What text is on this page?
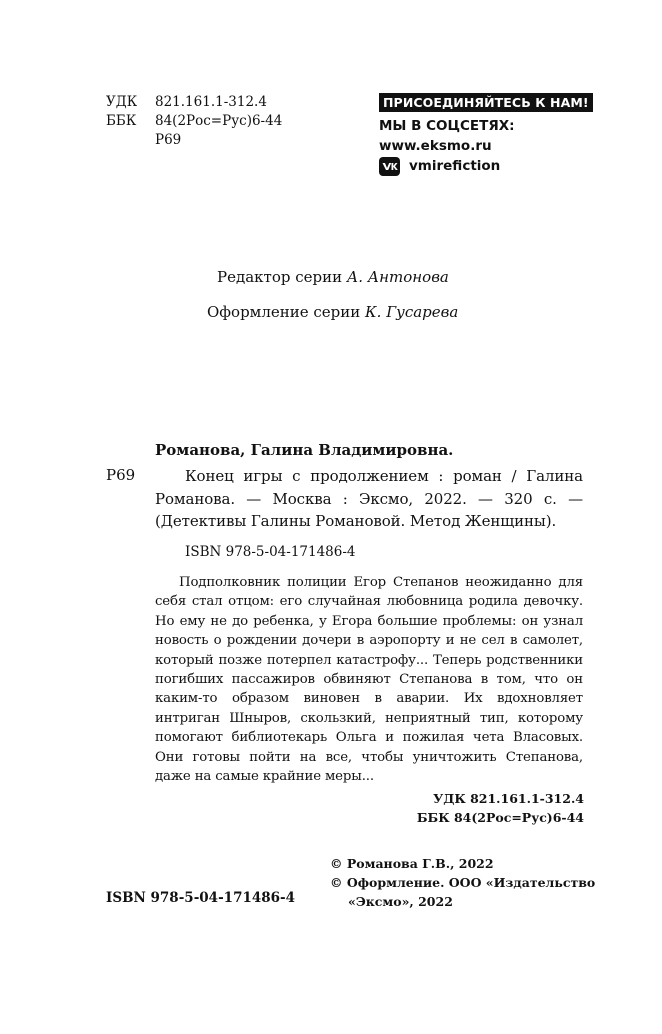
УДК 821.161.1-312.4
ББК 84(2Рос=Рус)6-44
Р69
ПРИСОЕДИНЯЙТЕСЬ К НАМ!
МЫ В СОЦСЕТЯХ:
www.eksmo.ru
vmirefiction
Редактор серии А. Антонова
Оформление серии К. Гусарева
Романова, Галина Владимировна.
Р69	Конец игры с продолжением : роман / Галина Романова. — Москва : Эксмо, 2022. — 320 с. — (Детективы Галины Романовой. Метод Женщины).
ISBN 978-5-04-171486-4
Подполковник полиции Егор Степанов неожиданно для себя стал отцом: его случайная любовница родила девочку. Но ему не до ребенка, у Егора большие проблемы: он узнал новость о рождении дочери в аэропорту и не сел в самолет, который позже потерпел катастрофу... Теперь родственники погибших пассажиров обвиняют Степанова в том, что он каким-то образом виновен в аварии. Их вдохновляет интриган Шныров, скользкий, неприятный тип, которому помогают библиотекарь Ольга и пожилая чета Власовых. Они готовы пойти на все, чтобы уничтожить Степанова, даже на самые крайние меры...
УДК 821.161.1-312.4
ББК 84(2Рос=Рус)6-44
© Романова Г.В., 2022
© Оформление. ООО «Издательство
«Эксмо», 2022
ISBN 978-5-04-171486-4
